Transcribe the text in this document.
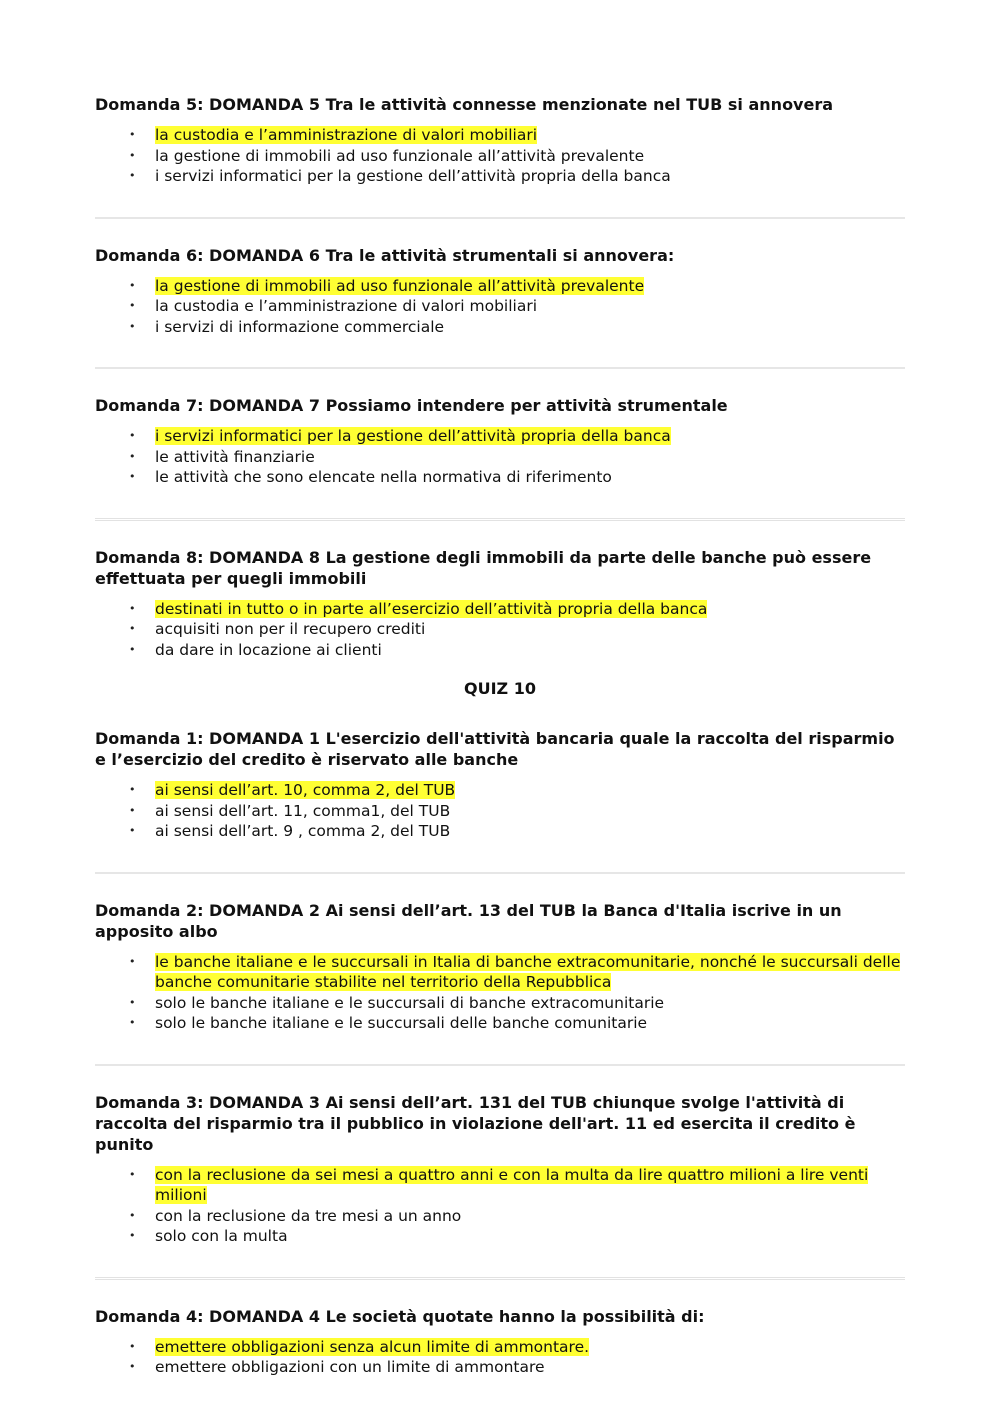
Domanda 5: DOMANDA 5 Tra le attività connesse menzionate nel TUB si annovera

• la custodia e l’amministrazione di valori mobiliari
• la gestione di immobili ad uso funzionale all’attività prevalente
• i servizi informatici per la gestione dell’attività propria della banca

Domanda 6: DOMANDA 6 Tra le attività strumentali si annovera:

• la gestione di immobili ad uso funzionale all’attività prevalente
• la custodia e l’amministrazione di valori mobiliari
• i servizi di informazione commerciale

Domanda 7: DOMANDA 7 Possiamo intendere per attività strumentale

• i servizi informatici per la gestione dell’attività propria della banca
• le attività finanziarie
• le attività che sono elencate nella normativa di riferimento

Domanda 8: DOMANDA 8 La gestione degli immobili da parte delle banche può essere effettuata per quegli immobili

• destinati in tutto o in parte all’esercizio dell’attività propria della banca
• acquisiti non per il recupero crediti
• da dare in locazione ai clienti
QUIZ 10

Domanda 1: DOMANDA 1 L'esercizio dell'attività bancaria quale la raccolta del risparmio e l’esercizio del credito è riservato alle banche

• ai sensi dell’art. 10, comma 2, del TUB
• ai sensi dell’art. 11, comma1, del TUB
• ai sensi dell’art. 9 , comma 2, del TUB

Domanda 2: DOMANDA 2 Ai sensi dell’art. 13 del TUB la Banca d'Italia iscrive in un apposito albo

• le banche italiane e le succursali in Italia di banche extracomunitarie, nonché le succursali delle banche comunitarie stabilite nel territorio della Repubblica
• solo le banche italiane e le succursali di banche extracomunitarie
• solo le banche italiane e le succursali delle banche comunitarie

Domanda 3: DOMANDA 3 Ai sensi dell’art. 131 del TUB chiunque svolge l'attività di raccolta del risparmio tra il pubblico in violazione dell'art. 11 ed esercita il credito è punito

• con la reclusione da sei mesi a quattro anni e con la multa da lire quattro milioni a lire venti milioni
• con la reclusione da tre mesi a un anno
• solo con la multa

Domanda 4: DOMANDA 4 Le società quotate hanno la possibilità di:

• emettere obbligazioni senza alcun limite di ammontare.
• emettere obbligazioni con un limite di ammontare
